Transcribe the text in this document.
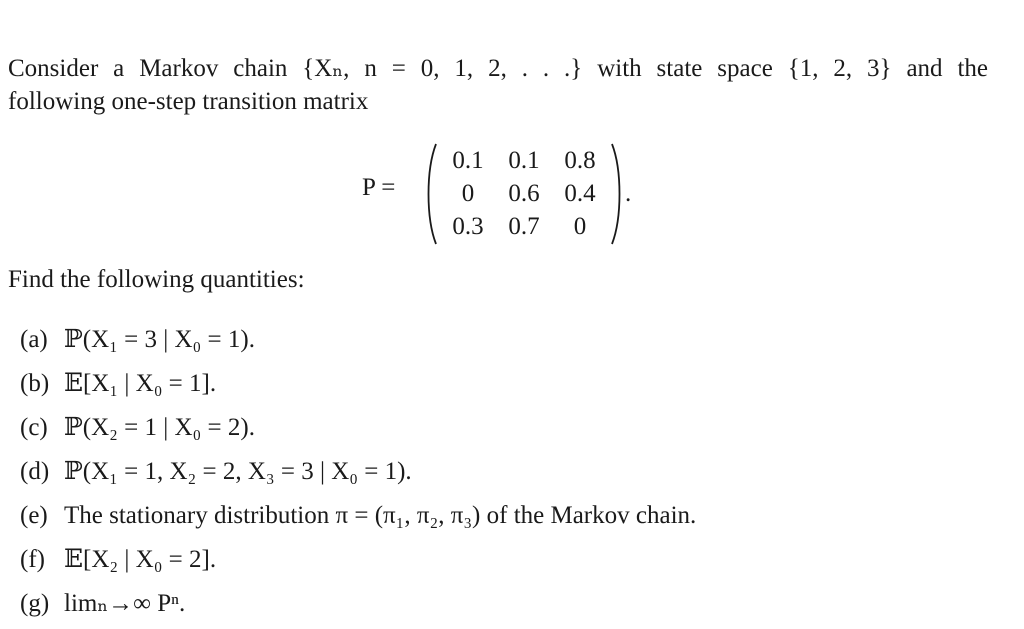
Consider a Markov chain {Xₙ, n = 0, 1, 2, . . .} with state space {1, 2, 3} and the
following one-step transition matrix
P =
0.1 0.1 0.8
0	0.6 0.4
0.3 0.7	0
.
Find the following quantities:
(a) ℙ(X₁ = 3 | X₀ = 1).
(b) 𝔼[X₁ | X₀ = 1].
(c) ℙ(X₂ = 1 | X₀ = 2).
(d) ℙ(X₁ = 1, X₂ = 2, X₃ = 3 | X₀ = 1).
(e) The stationary distribution π = (π₁, π₂, π₃) of the Markov chain.
(f) 𝔼[X₂ | X₀ = 2].
(g) limₙ→∞ Pⁿ.
